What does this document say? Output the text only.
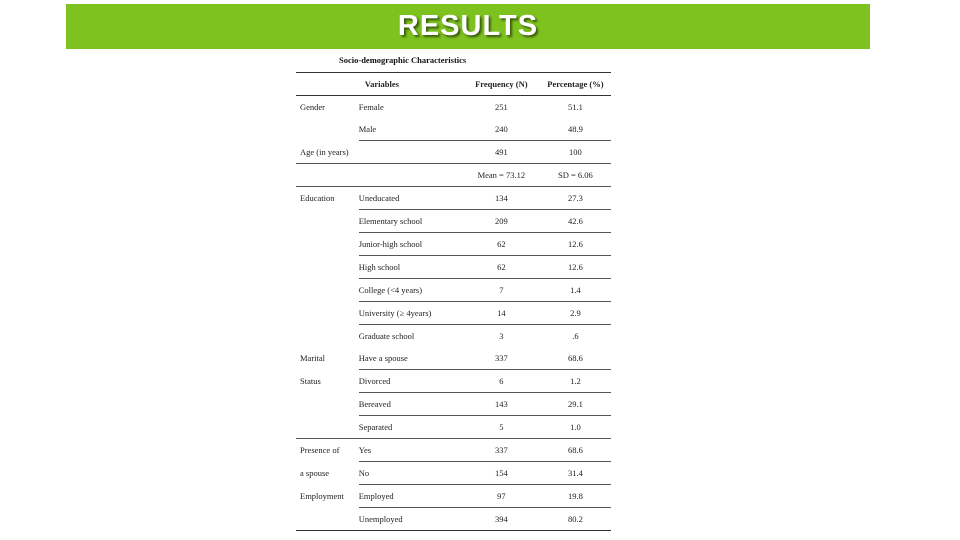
RESULTS
Socio-demographic Characteristics
	Variables	Frequency (N)	Percentage (%)
Gender	Female	251	51.1
	Male	240	48.9
Age (in years)		491	100
		Mean = 73.12	SD = 6.06
Education	Uneducated	134	27.3
	Elementary school	209	42.6
	Junior-high school	62	12.6
	High school	62	12.6
	College (<4 years)	7	1.4
	University (≥ 4years)	14	2.9
	Graduate school	3	.6
Marital	Have a spouse	337	68.6
Status	Divorced	6	1.2
	Bereaved	143	29.1
	Separated	5	1.0
Presence of	Yes	337	68.6
a spouse	No	154	31.4
Employment	Employed	97	19.8
	Unemployed	394	80.2
